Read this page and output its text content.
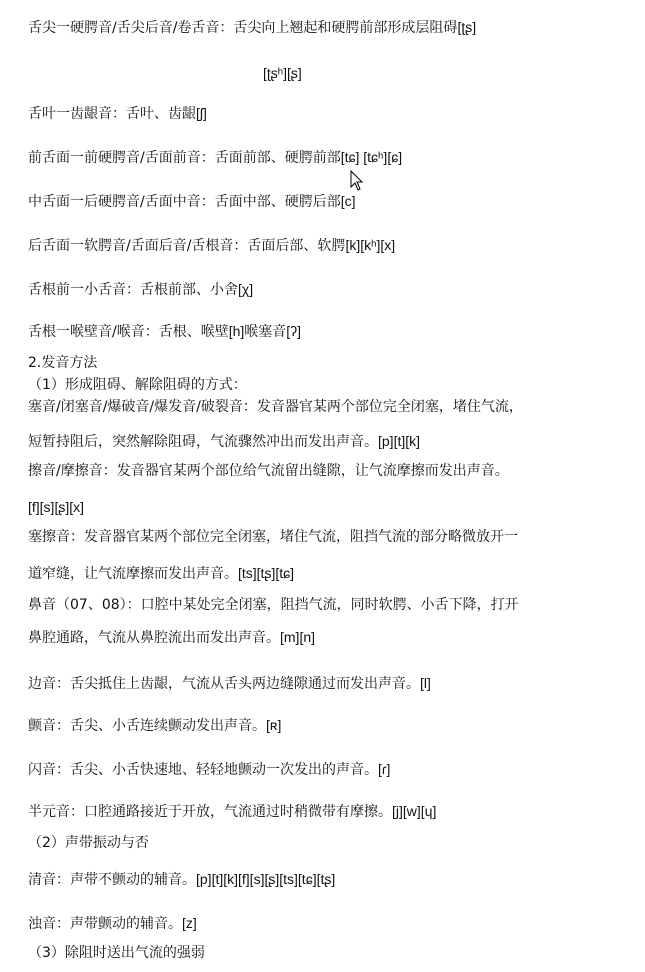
舌尖一硬腭音/舌尖后音/卷舌音：舌尖向上翘起和硬腭前部形成层阻碍[ʈʂ]
[ʈʂʰ][ʂ]
舌叶一齿龈音：舌叶、齿龈[ʃ]
前舌面一前硬腭音/舌面前音：舌面前部、硬腭前部[tɕ] [tɕʰ][ɕ]
中舌面一后硬腭音/舌面中音：舌面中部、硬腭后部[c]
后舌面一软腭音/舌面后音/舌根音：舌面后部、软腭[k][kʰ][x]
舌根前一小舌音：舌根前部、小舍[χ]
舌根一喉壁音/喉音：舌根、喉壁[h]喉塞音[ʔ]
2.发音方法
（1）形成阻碍、解除阻碍的方式：
塞音/闭塞音/爆破音/爆发音/破裂音：发音器官某两个部位完全闭塞，堵住气流，
短暂持阻后，突然解除阻碍，气流骤然冲出而发出声音。[p][t][k]
擦音/摩擦音：发音器官某两个部位给气流留出缝隙，让气流摩擦而发出声音。
[f][s][ʂ][x]
塞擦音：发音器官某两个部位完全闭塞，堵住气流，阻挡气流的部分略微放开一
道窄缝，让气流摩擦而发出声音。[ts][tʂ][tɕ]
鼻音（07、08）：口腔中某处完全闭塞，阻挡气流，同时软腭、小舌下降，打开
鼻腔通路，气流从鼻腔流出而发出声音。[m][n]
边音：舌尖抵住上齿龈，气流从舌头两边缝隙通过而发出声音。[l]
颤音：舌尖、小舌连续颤动发出声音。[ʀ]
闪音：舌尖、小舌快速地、轻轻地颤动一次发出的声音。[ɾ]
半元音：口腔通路接近于开放，气流通过时稍微带有摩擦。[j][w][ɥ]
（2）声带振动与否
清音：声带不颤动的辅音。[p][t][k][f][s][ʂ][ts][tɕ][tʂ]
浊音：声带颤动的辅音。[z]
（3）除阻时送出气流的强弱
